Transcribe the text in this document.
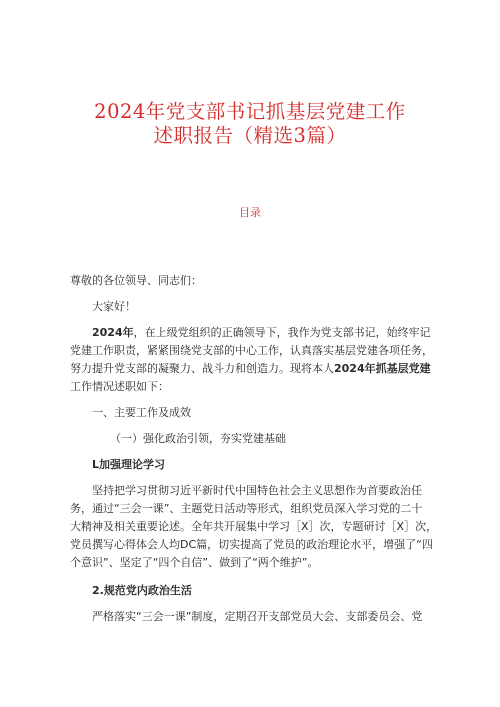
2024年党支部书记抓基层党建工作
述职报告（精选3篇）
目录
尊敬的各位领导、同志们：
大家好！
2024年，在上级党组织的正确领导下，我作为党支部书记，始终牢记
党建工作职责，紧紧围绕党支部的中心工作，认真落实基层党建各项任务，
努力提升党支部的凝聚力、战斗力和创造力。现将本人2024年抓基层党建
工作情况述职如下：
一、主要工作及成效
（一）强化政治引领，夯实党建基础
L加强理论学习
坚持把学习贯彻习近平新时代中国特色社会主义思想作为首要政治任
务，通过“三会一课”、主题党日活动等形式，组织党员深入学习党的二十
大精神及相关重要论述。全年共开展集中学习［X］次，专题研讨［X］次，
党员撰写心得体会人均DC篇，切实提高了党员的政治理论水平，增强了“四
个意识”、坚定了“四个自信”、做到了“两个维护”。
2.规范党内政治生活
严格落实“三会一课”制度，定期召开支部党员大会、支部委员会、党
